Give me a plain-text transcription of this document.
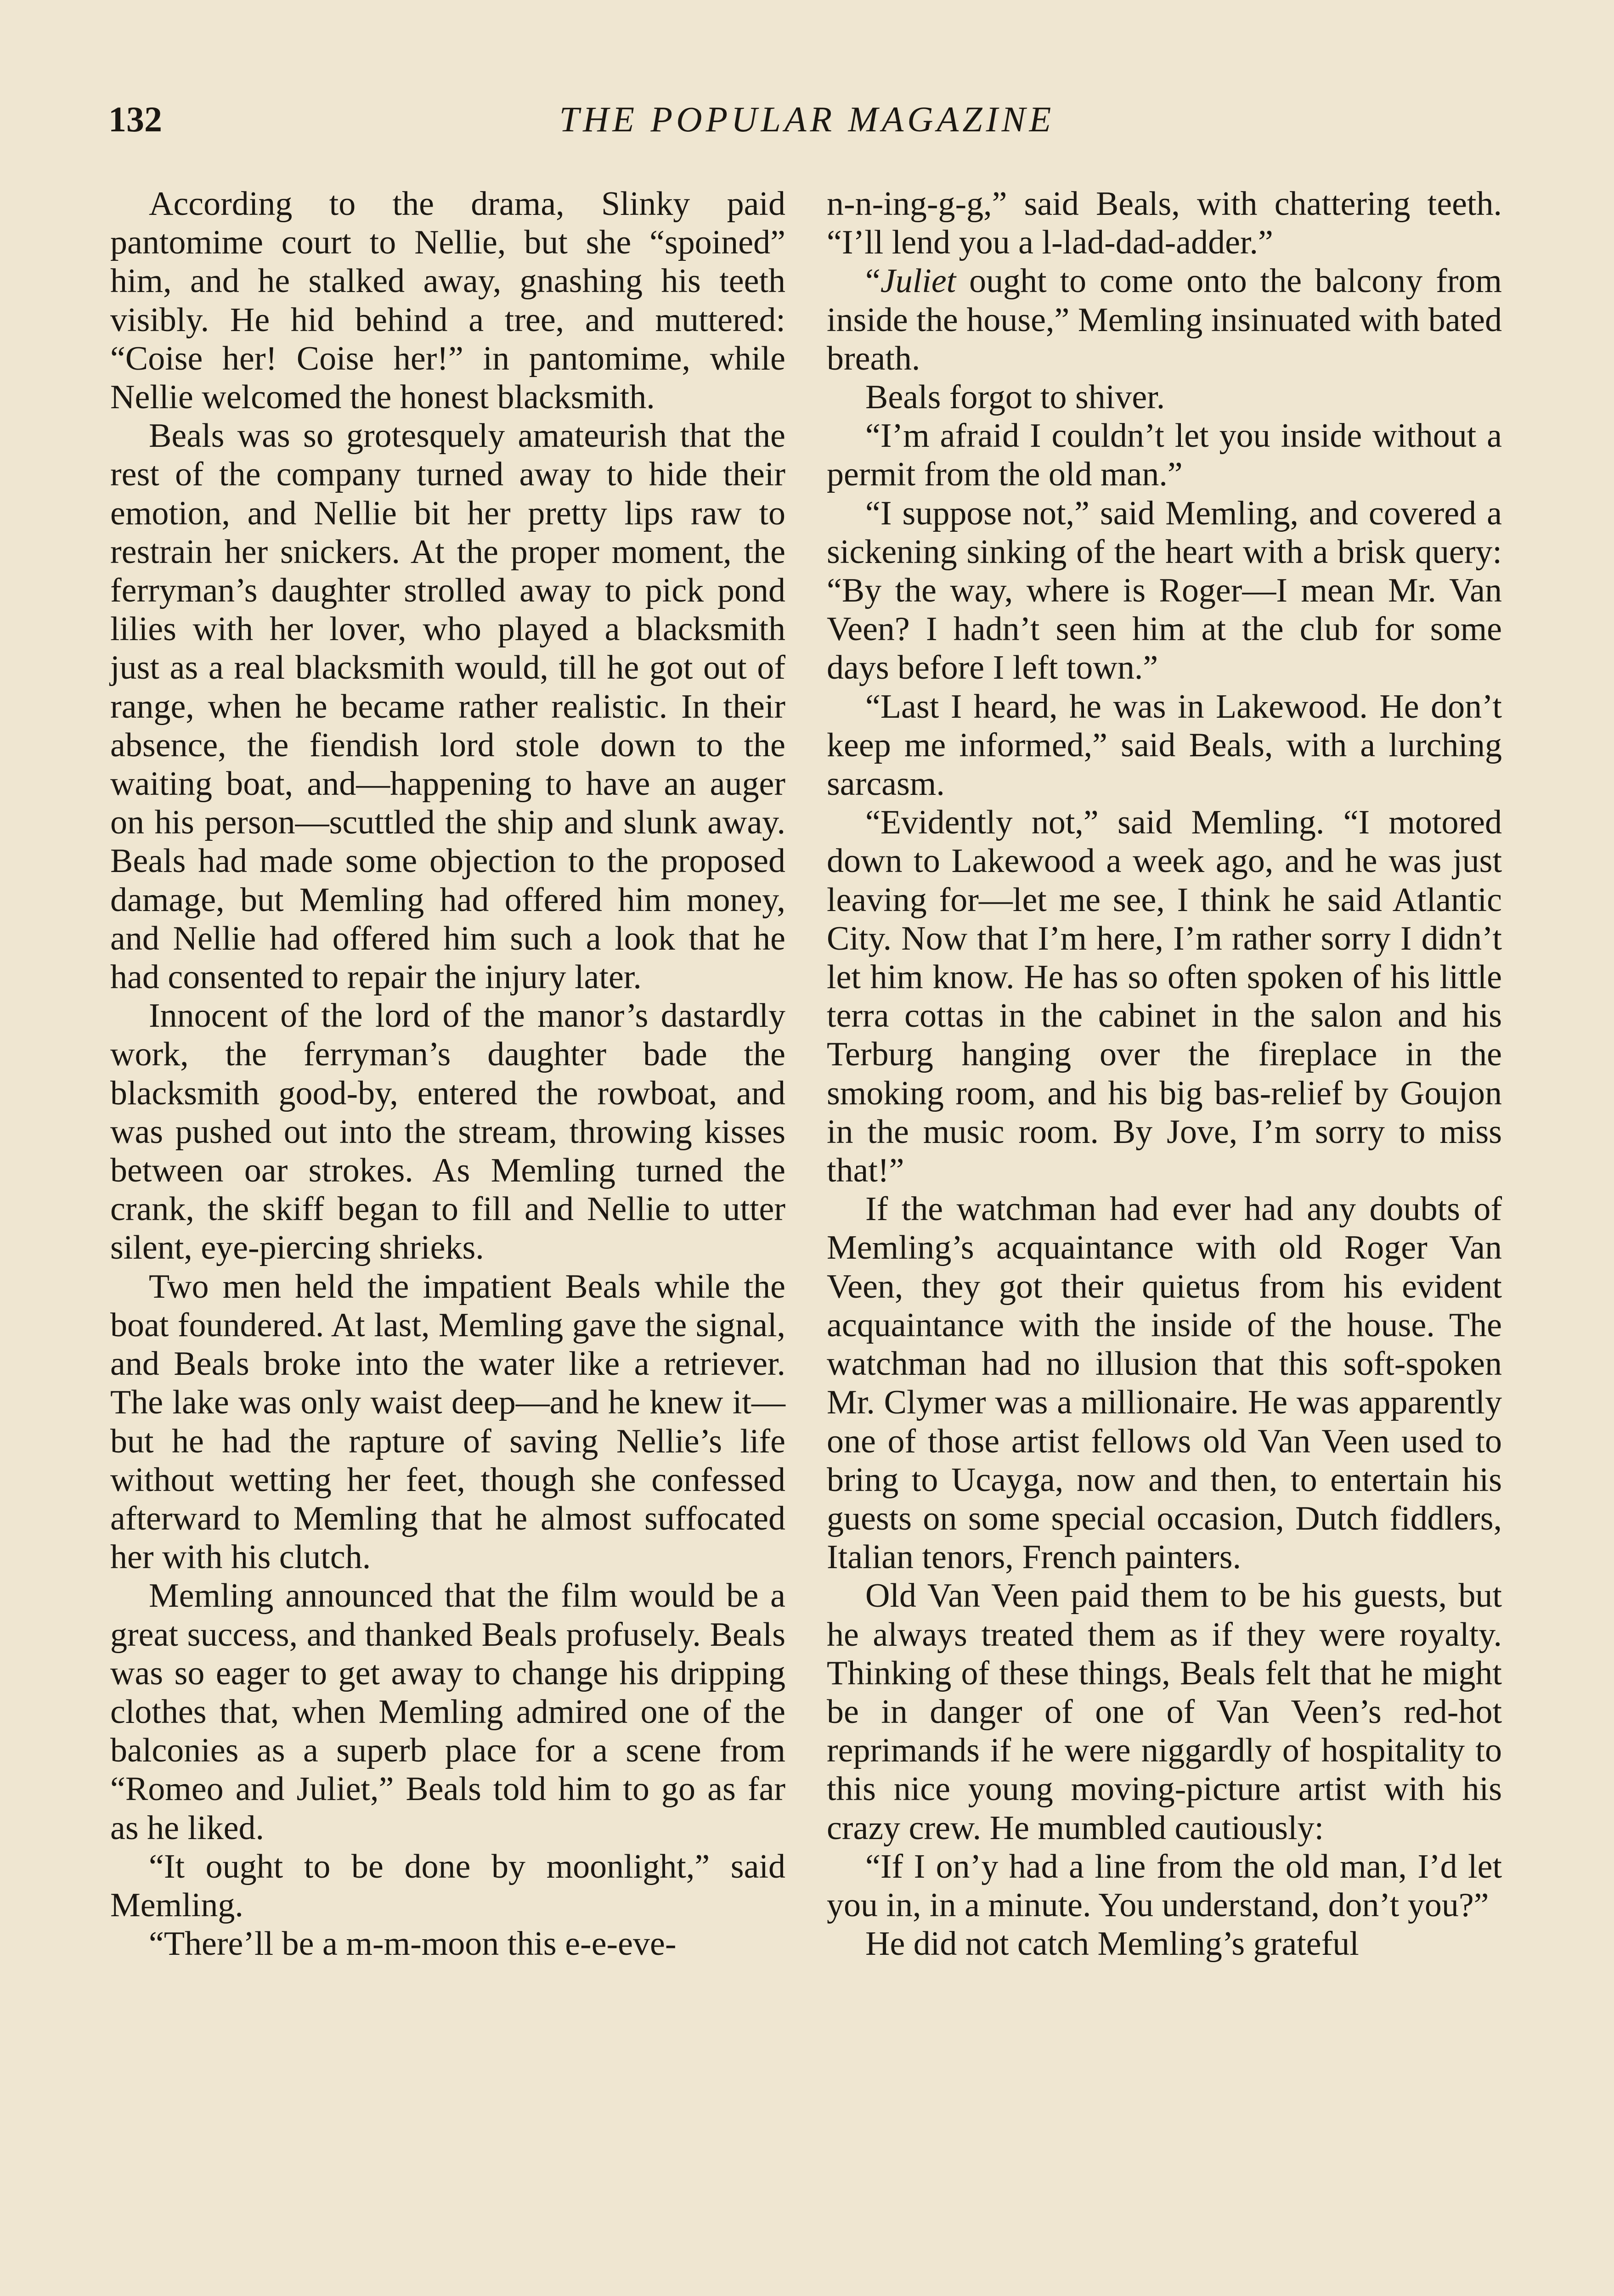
132	THE POPULAR MAGAZINE

According to the drama, Slinky paid pantomime court to Nellie, but she “spoined” him, and he stalked away, gnashing his teeth visibly. He hid behind a tree, and muttered: “Coise her! Coise her!” in pantomime, while Nellie welcomed the honest blacksmith.

Beals was so grotesquely amateurish that the rest of the company turned away to hide their emotion, and Nellie bit her pretty lips raw to restrain her snickers. At the proper moment, the ferryman’s daughter strolled away to pick pond lilies with her lover, who played a blacksmith just as a real blacksmith would, till he got out of range, when he became rather realistic. In their absence, the fiendish lord stole down to the waiting boat, and—happening to have an auger on his person—scuttled the ship and slunk away. Beals had made some objection to the proposed damage, but Memling had offered him money, and Nellie had offered him such a look that he had consented to repair the injury later.

Innocent of the lord of the manor’s dastardly work, the ferryman’s daughter bade the blacksmith good-by, entered the rowboat, and was pushed out into the stream, throwing kisses between oar strokes. As Memling turned the crank, the skiff began to fill and Nellie to utter silent, eye-piercing shrieks.

Two men held the impatient Beals while the boat foundered. At last, Memling gave the signal, and Beals broke into the water like a retriever. The lake was only waist deep—and he knew it—but he had the rapture of saving Nellie’s life without wetting her feet, though she confessed afterward to Memling that he almost suffocated her with his clutch.

Memling announced that the film would be a great success, and thanked Beals profusely. Beals was so eager to get away to change his dripping clothes that, when Memling admired one of the balconies as a superb place for a scene from “Romeo and Juliet,” Beals told him to go as far as he liked.

“It ought to be done by moonlight,” said Memling.

“There’ll be a m-m-moon this e-e-eve-

n-n-ing-g-g,” said Beals, with chattering teeth. “I’ll lend you a l-lad-dad-adder.”

“Juliet ought to come onto the balcony from inside the house,” Memling insinuated with bated breath.

Beals forgot to shiver.

“I’m afraid I couldn’t let you inside without a permit from the old man.”

“I suppose not,” said Memling, and covered a sickening sinking of the heart with a brisk query: “By the way, where is Roger—I mean Mr. Van Veen? I hadn’t seen him at the club for some days before I left town.”

“Last I heard, he was in Lakewood. He don’t keep me informed,” said Beals, with a lurching sarcasm.

“Evidently not,” said Memling. “I motored down to Lakewood a week ago, and he was just leaving for—let me see, I think he said Atlantic City. Now that I’m here, I’m rather sorry I didn’t let him know. He has so often spoken of his little terra cottas in the cabinet in the salon and his Terburg hanging over the fireplace in the smoking room, and his big bas-relief by Goujon in the music room. By Jove, I’m sorry to miss that!”

If the watchman had ever had any doubts of Memling’s acquaintance with old Roger Van Veen, they got their quietus from his evident acquaintance with the inside of the house. The watchman had no illusion that this soft-spoken Mr. Clymer was a millionaire. He was apparently one of those artist fellows old Van Veen used to bring to Ucayga, now and then, to entertain his guests on some special occasion, Dutch fiddlers, Italian tenors, French painters.

Old Van Veen paid them to be his guests, but he always treated them as if they were royalty. Thinking of these things, Beals felt that he might be in danger of one of Van Veen’s red-hot reprimands if he were niggardly of hospitality to this nice young moving-picture artist with his crazy crew. He mumbled cautiously:

“If I on’y had a line from the old man, I’d let you in, in a minute. You understand, don’t you?”

He did not catch Memling’s grateful
